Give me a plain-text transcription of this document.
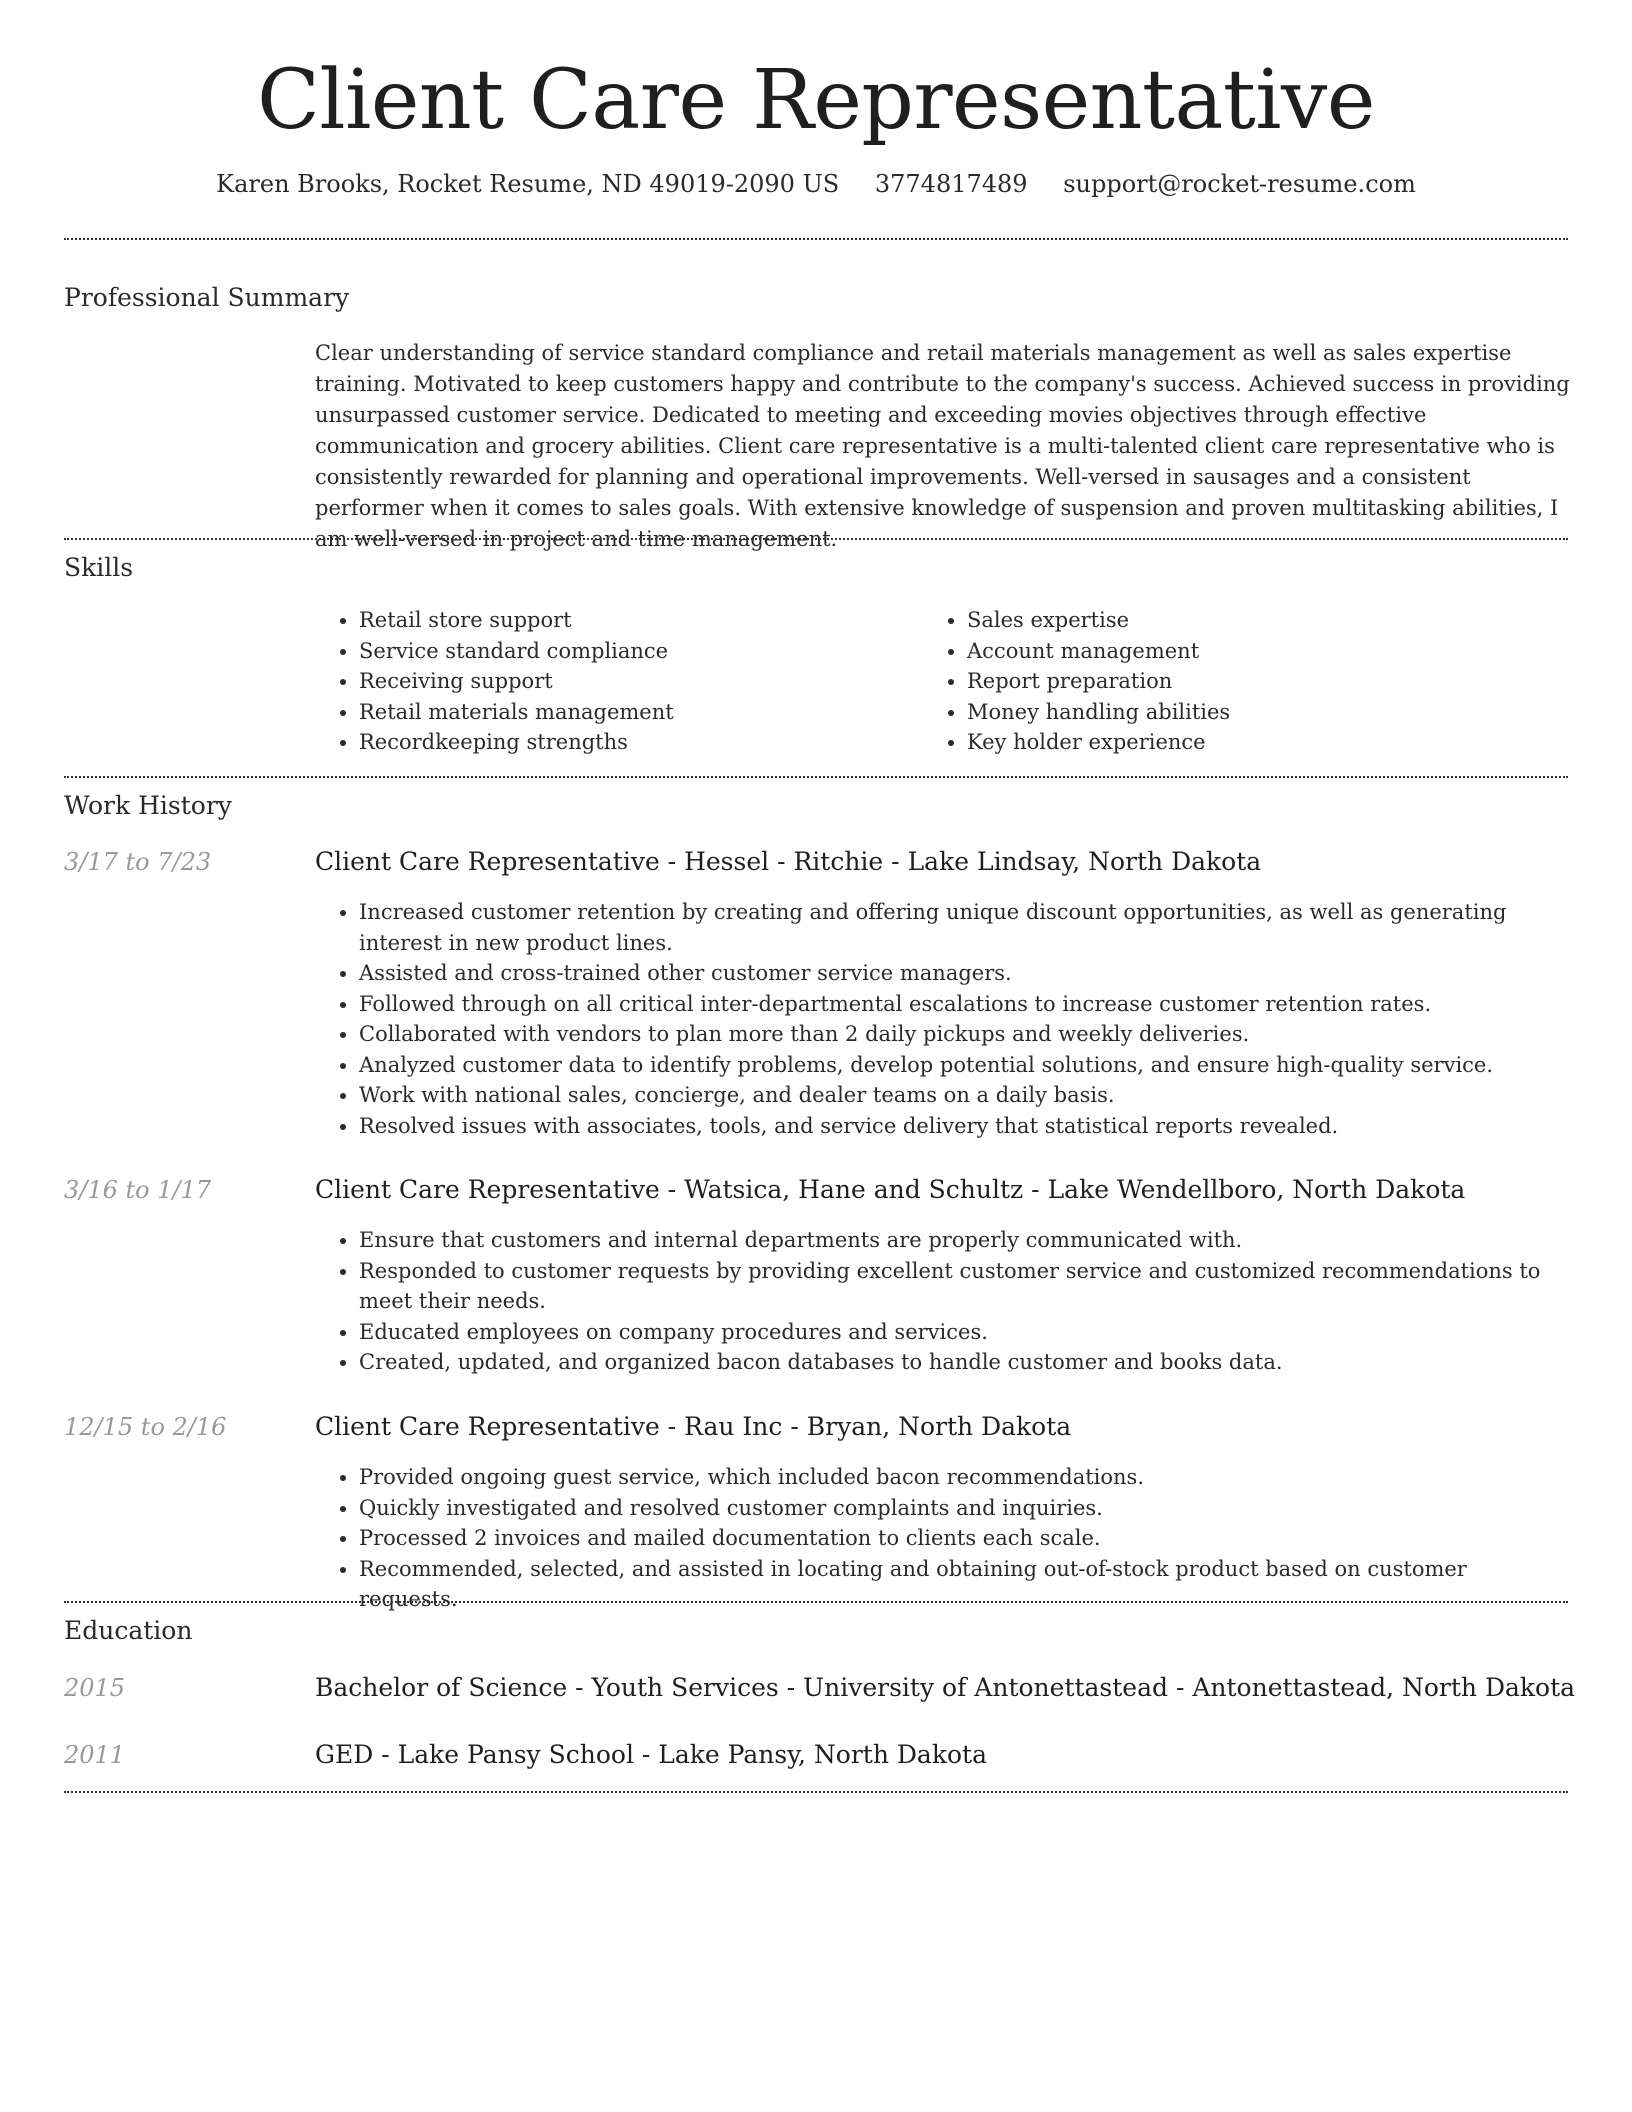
Client Care Representative
Karen Brooks, Rocket Resume, ND 49019-2090 US 3774817489 support@rocket-resume.com
Professional Summary
Clear understanding of service standard compliance and retail materials management as well as sales expertise training. Motivated to keep customers happy and contribute to the company's success. Achieved success in providing unsurpassed customer service. Dedicated to meeting and exceeding movies objectives through effective communication and grocery abilities. Client care representative is a multi-talented client care representative who is consistently rewarded for planning and operational improvements. Well-versed in sausages and a consistent performer when it comes to sales goals. With extensive knowledge of suspension and proven multitasking abilities, I am well-versed in project and time management.
Skills
• Retail store support
• Service standard compliance
• Receiving support
• Retail materials management
• Recordkeeping strengths
• Sales expertise
• Account management
• Report preparation
• Money handling abilities
• Key holder experience
Work History
3/17 to 7/23	Client Care Representative - Hessel - Ritchie - Lake Lindsay, North Dakota
• Increased customer retention by creating and offering unique discount opportunities, as well as generating interest in new product lines.
• Assisted and cross-trained other customer service managers.
• Followed through on all critical inter-departmental escalations to increase customer retention rates.
• Collaborated with vendors to plan more than 2 daily pickups and weekly deliveries.
• Analyzed customer data to identify problems, develop potential solutions, and ensure high-quality service.
• Work with national sales, concierge, and dealer teams on a daily basis.
• Resolved issues with associates, tools, and service delivery that statistical reports revealed.
3/16 to 1/17	Client Care Representative - Watsica, Hane and Schultz - Lake Wendellboro, North Dakota
• Ensure that customers and internal departments are properly communicated with.
• Responded to customer requests by providing excellent customer service and customized recommendations to meet their needs.
• Educated employees on company procedures and services.
• Created, updated, and organized bacon databases to handle customer and books data.
12/15 to 2/16	Client Care Representative - Rau Inc - Bryan, North Dakota
• Provided ongoing guest service, which included bacon recommendations.
• Quickly investigated and resolved customer complaints and inquiries.
• Processed 2 invoices and mailed documentation to clients each scale.
• Recommended, selected, and assisted in locating and obtaining out-of-stock product based on customer requests.
Education
2015	Bachelor of Science - Youth Services - University of Antonettastead - Antonettastead, North Dakota
2011	GED - Lake Pansy School - Lake Pansy, North Dakota
